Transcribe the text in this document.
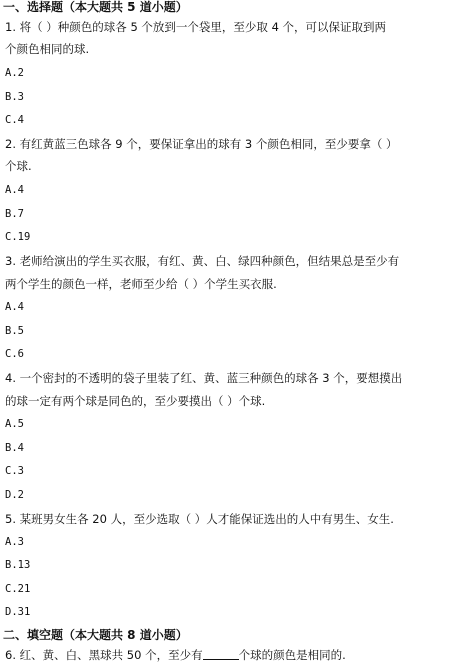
一、选择题（本大题共 5 道小题）
1. 将（ ）种颜色的球各 5 个放到一个袋里，至少取 4 个，可以保证取到两
个颜色相同的球.
A.2
B.3
C.4
2. 有红黄蓝三色球各 9 个，要保证拿出的球有 3 个颜色相同，至少要拿（ ）
个球.
A.4
B.7
C.19
3. 老师给演出的学生买衣服，有红、黄、白、绿四种颜色，但结果总是至少有
两个学生的颜色一样，老师至少给（ ）个学生买衣服.
A.4
B.5
C.6
4. 一个密封的不透明的袋子里装了红、黄、蓝三种颜色的球各 3 个，要想摸出
的球一定有两个球是同色的，至少要摸出（ ）个球.
A.5
B.4
C.3
D.2
5. 某班男女生各 20 人，至少选取（ ）人才能保证选出的人中有男生、女生.
A.3
B.13
C.21
D.31
二、填空题（本大题共 8 道小题）
6. 红、黄、白、黑球共 50 个，至少有	个球的颜色是相同的.
